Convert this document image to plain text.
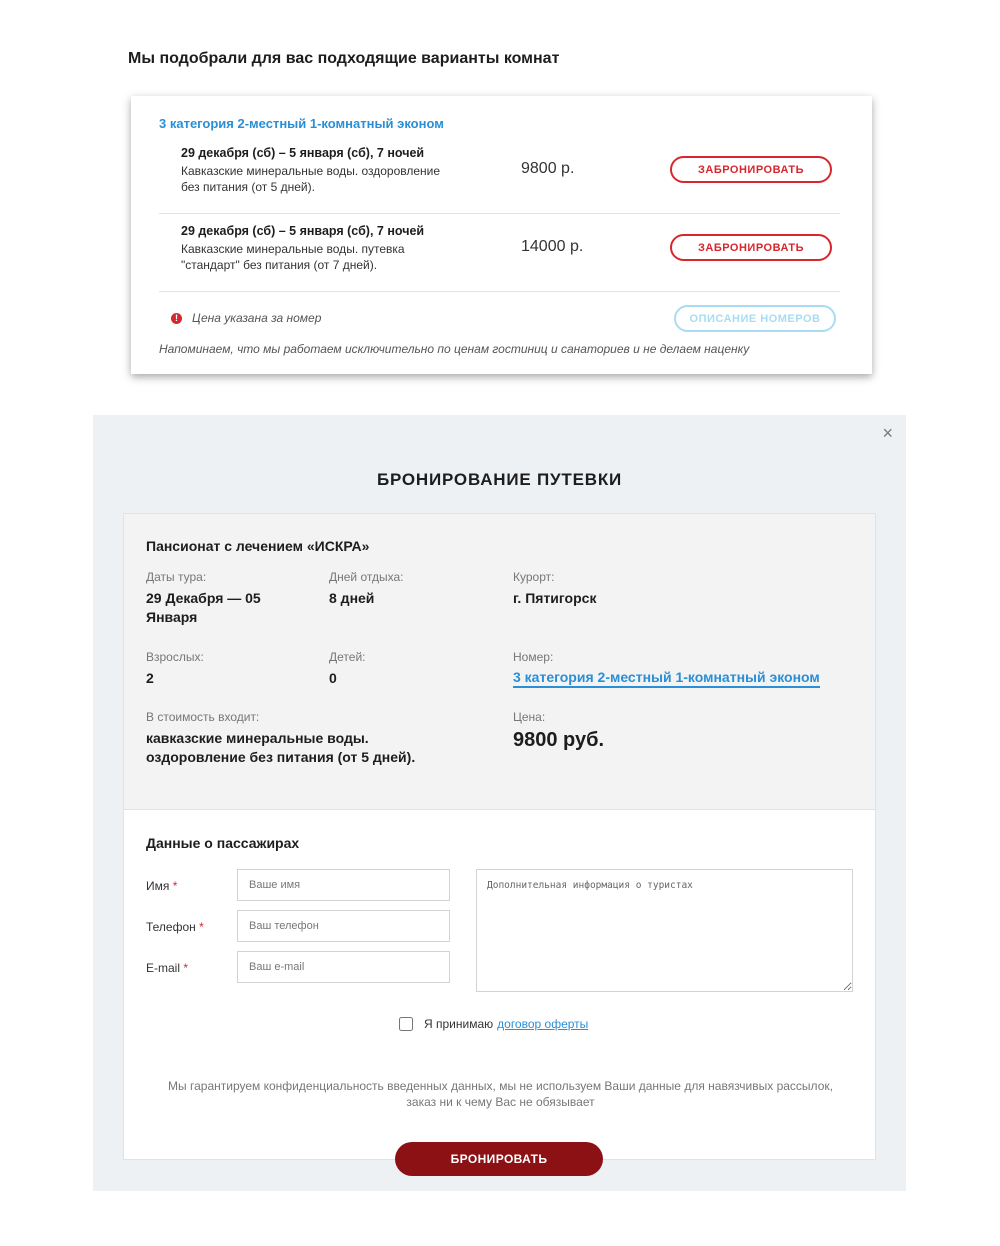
Мы подобрали для вас подходящие варианты комнат
3 категория 2-местный 1-комнатный эконом
29 декабря (сб) – 5 января (сб), 7 ночей
Кавказские минеральные воды. оздоровление без питания (от 5 дней).
9800 р.	ЗАБРОНИРОВАТЬ
29 декабря (сб) – 5 января (сб), 7 ночей
Кавказские минеральные воды. путевка "стандарт" без питания (от 7 дней).
14000 р.	ЗАБРОНИРОВАТЬ
!	Цена указана за номер	ОПИСАНИЕ НОМЕРОВ
Напоминаем, что мы работаем исключительно по ценам гостиниц и санаториев и не делаем наценку
×
БРОНИРОВАНИЕ ПУТЕВКИ
Пансионат с лечением «ИСКРА»
Даты тура:
29 Декабря — 05 Января
Дней отдыха:
8 дней
Курорт:
г. Пятигорск
Взрослых:
2
Детей:
0
Номер:
3 категория 2-местный 1-комнатный эконом
В стоимость входит:
кавказские минеральные воды. оздоровление без питания (от 5 дней).
Цена:
9800 руб.
Данные о пассажирах
Имя *
Ваше имя
Телефон *
Ваш телефон
E-mail *
Ваш e-mail
Дополнительная информация о туристах
Я принимаю договор оферты
Мы гарантируем конфиденциальность введенных данных, мы не используем Ваши данные для навязчивых рассылок, заказ ни к чему Вас не обязывает
БРОНИРОВАТЬ
